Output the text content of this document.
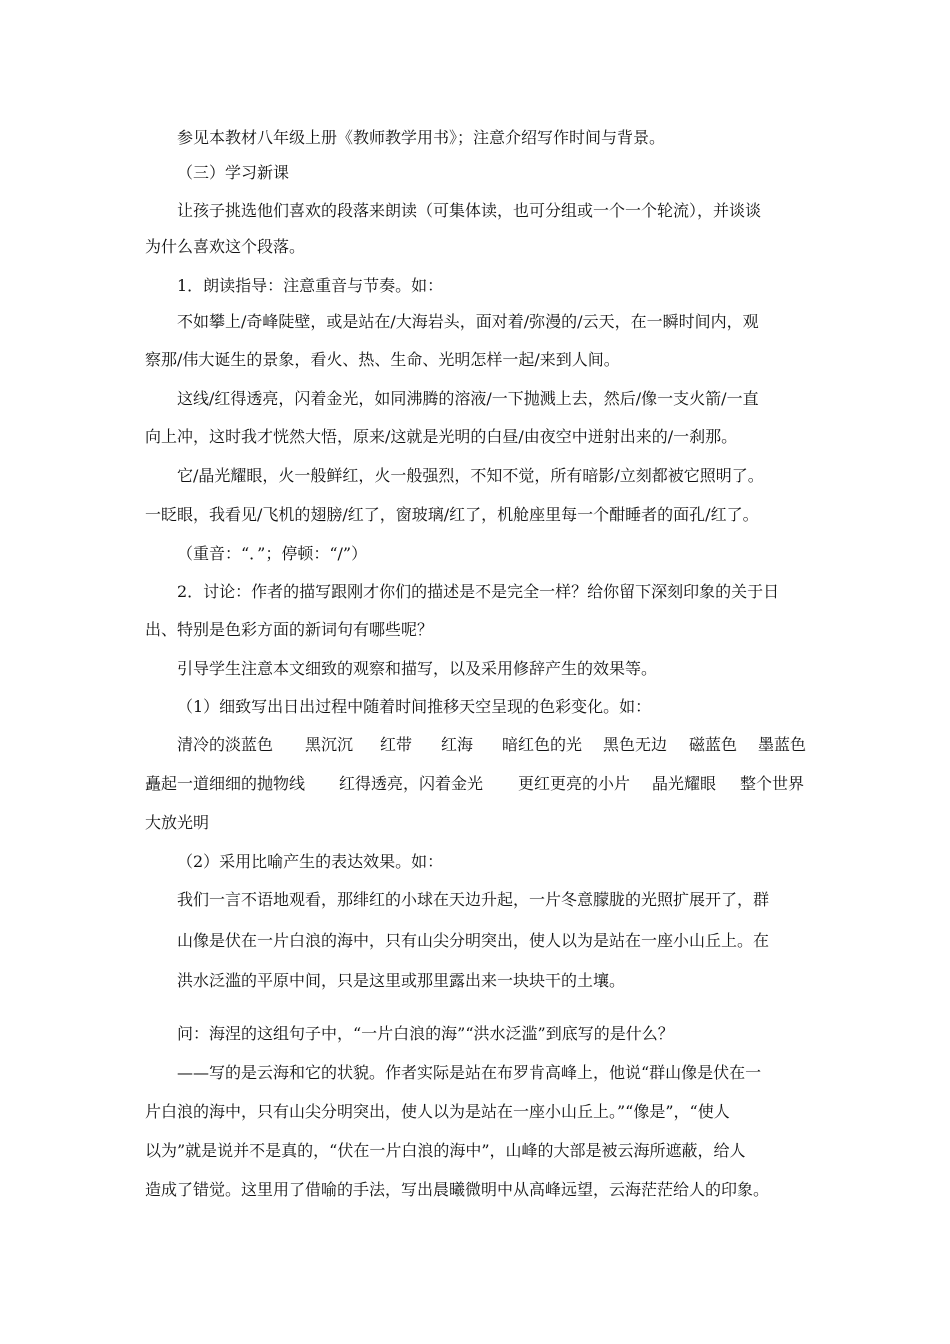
参见本教材八年级上册《教师教学用书》；注意介绍写作时间与背景。
（三）学习新课
让孩子挑选他们喜欢的段落来朗读（可集体读，也可分组或一个一个轮流），并谈谈
为什么喜欢这个段落。
1．朗读指导：注意重音与节奏。如：
不如攀上/奇峰陡壁，或是站在/大海岩头，面对着/弥漫的/云天，在一瞬时间内，观
察那/伟大诞生的景象，看火、热、生命、光明怎样一起/来到人间。
这线/红得透亮，闪着金光，如同沸腾的溶液/一下抛溅上去，然后/像一支火箭/一直
向上冲，这时我才恍然大悟，原来/这就是光明的白昼/由夜空中迸射出来的/一刹那。
它/晶光耀眼，火一般鲜红，火一般强烈，不知不觉，所有暗影/立刻都被它照明了。
一眨眼，我看见/飞机的翅膀/红了，窗玻璃/红了，机舱座里每一个酣睡者的面孔/红了。
（重音：“．”；停顿：“/”）
2．讨论：作者的描写跟刚才你们的描述是不是完全一样？给你留下深刻印象的关于日
出、特别是色彩方面的新词句有哪些呢？
引导学生注意本文细致的观察和描写，以及采用修辞产生的效果等。
（1）细致写出日出过程中随着时间推移天空呈现的色彩变化。如：
清冷的淡蓝色 黑沉沉 红带 红海 暗红色的光 黑色无边 磁蓝色 墨蓝色
矗起一道细细的抛物线 红得透亮，闪着金光 更红更亮的小片 晶光耀眼 整个世界
大放光明
（2）采用比喻产生的表达效果。如：
我们一言不语地观看，那绯红的小球在天边升起，一片冬意朦胧的光照扩展开了，群
山像是伏在一片白浪的海中，只有山尖分明突出，使人以为是站在一座小山丘上。在
洪水泛滥的平原中间，只是这里或那里露出来一块块干的土壤。
问：海涅的这组句子中，“一片白浪的海”“洪水泛滥”到底写的是什么？
——写的是云海和它的状貌。作者实际是站在布罗肯高峰上，他说“群山像是伏在一
片白浪的海中，只有山尖分明突出，使人以为是站在一座小山丘上。”“像是”，“使人
以为”就是说并不是真的，“伏在一片白浪的海中”，山峰的大部是被云海所遮蔽，给人
造成了错觉。这里用了借喻的手法，写出晨曦微明中从高峰远望，云海茫茫给人的印象。
